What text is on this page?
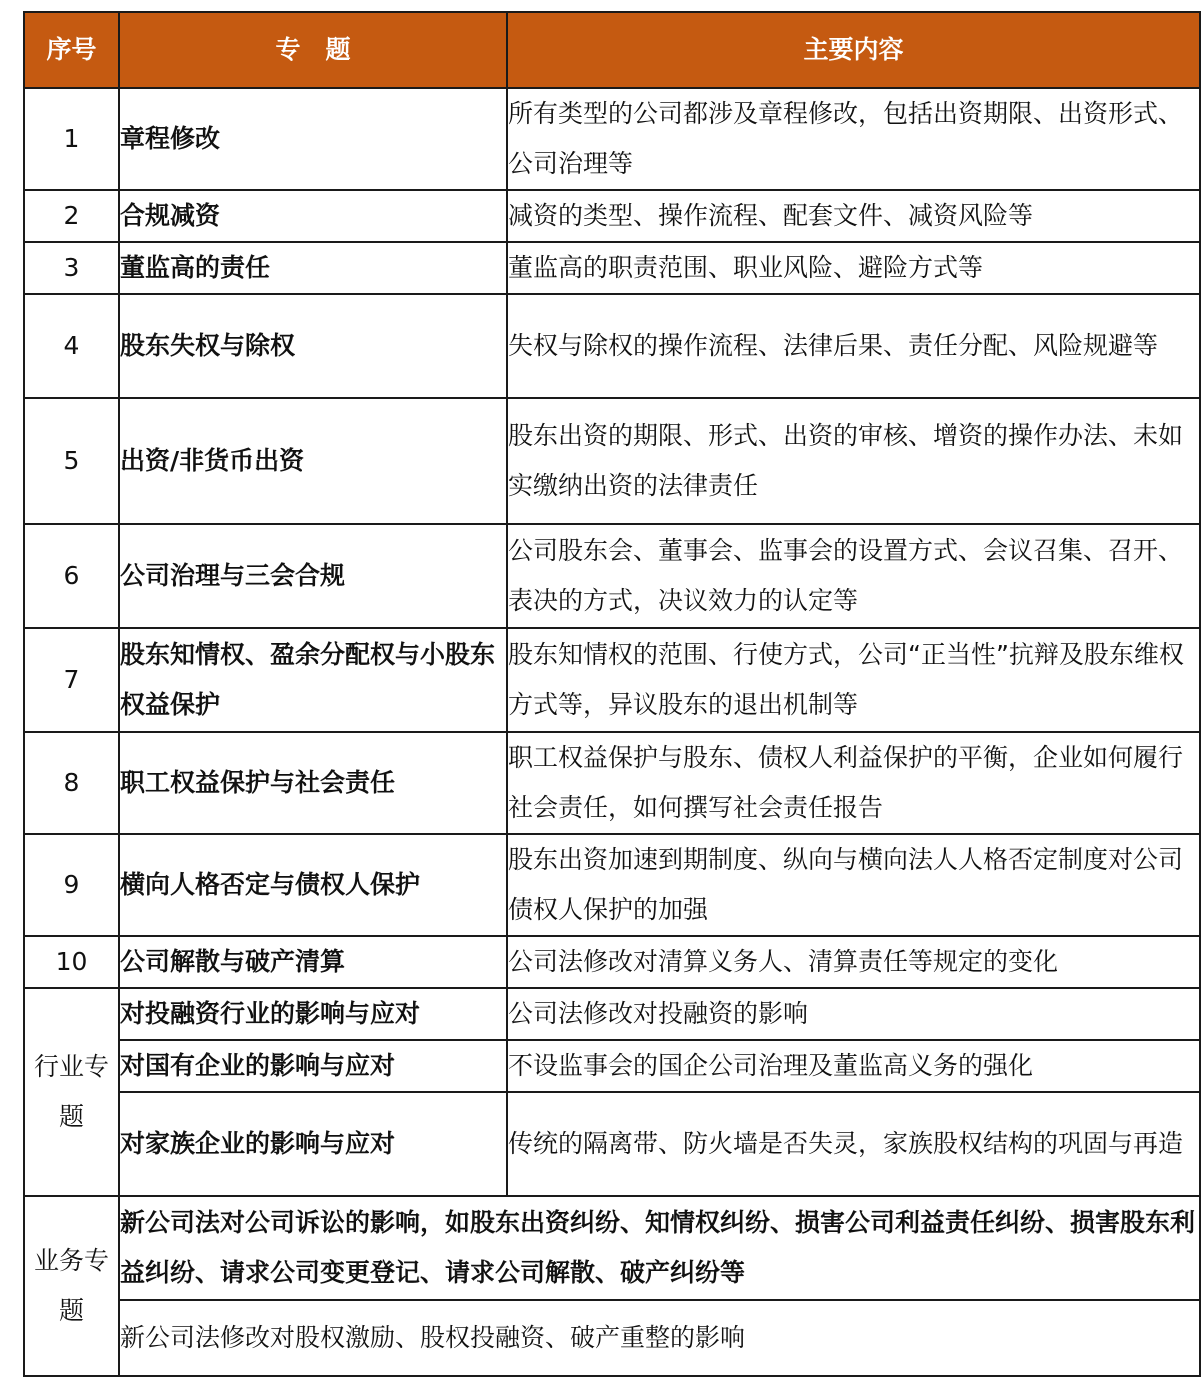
序号	专　题	主要内容
1	章程修改	所有类型的公司都涉及章程修改，包括出资期限、出资形式、公司治理等
2	合规减资	减资的类型、操作流程、配套文件、减资风险等
3	董监高的责任	董监高的职责范围、职业风险、避险方式等
4	股东失权与除权	失权与除权的操作流程、法律后果、责任分配、风险规避等
5	出资/非货币出资	股东出资的期限、形式、出资的审核、增资的操作办法、未如实缴纳出资的法律责任
6	公司治理与三会合规	公司股东会、董事会、监事会的设置方式、会议召集、召开、表决的方式，决议效力的认定等
7	股东知情权、盈余分配权与小股东权益保护	股东知情权的范围、行使方式，公司“正当性”抗辩及股东维权方式等，异议股东的退出机制等
8	职工权益保护与社会责任	职工权益保护与股东、债权人利益保护的平衡，企业如何履行社会责任，如何撰写社会责任报告
9	横向人格否定与债权人保护	股东出资加速到期制度、纵向与横向法人人格否定制度对公司债权人保护的加强
10	公司解散与破产清算	公司法修改对清算义务人、清算责任等规定的变化
行业专题	对投融资行业的影响与应对	公司法修改对投融资的影响
	对国有企业的影响与应对	不设监事会的国企公司治理及董监高义务的强化
	对家族企业的影响与应对	传统的隔离带、防火墙是否失灵，家族股权结构的巩固与再造
业务专题	新公司法对公司诉讼的影响，如股东出资纠纷、知情权纠纷、损害公司利益责任纠纷、损害股东利益纠纷、请求公司变更登记、请求公司解散、破产纠纷等	
	新公司法修改对股权激励、股权投融资、破产重整的影响	
